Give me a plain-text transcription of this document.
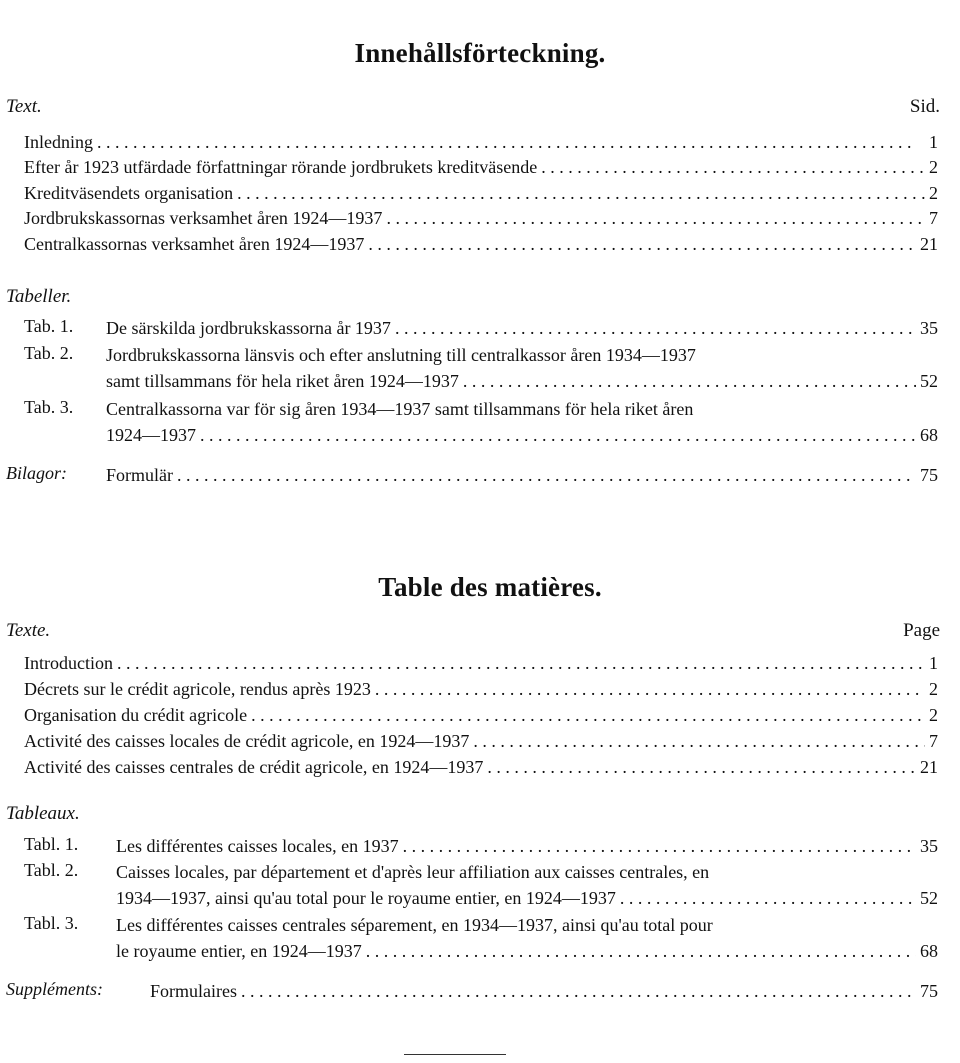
Innehållsförteckning.
Text.	Sid.
Inledning . . .	1
Efter år 1923 utfärdade författningar rörande jordbrukets kreditväsende . . .	2
Kreditväsendets organisation . . .	2
Jordbrukskassornas verksamhet åren 1924—1937 . . .	7
Centralkassornas verksamhet åren 1924—1937 . . .	21
Tabeller.
Tab. 1. De särskilda jordbrukskassorna år 1937 . . .	35
Tab. 2. Jordbrukskassorna länsvis och efter anslutning till centralkassor åren 1934—1937
samt tillsammans för hela riket åren 1924—1937 . . .	52
Tab. 3. Centralkassorna var för sig åren 1934—1937 samt tillsammans för hela riket åren
1924—1937 . . .	68
Bilagor: Formulär . . .	75
Table des matières.
Texte.	Page
Introduction . . .	1
Décrets sur le crédit agricole, rendus après 1923 . . .	2
Organisation du crédit agricole . . .	2
Activité des caisses locales de crédit agricole, en 1924—1937 . . .	7
Activité des caisses centrales de crédit agricole, en 1924—1937 . . .	21
Tableaux.
Tabl. 1. Les différentes caisses locales, en 1937 . . .	35
Tabl. 2. Caisses locales, par département et d'après leur affiliation aux caisses centrales, en
1934—1937, ainsi qu'au total pour le royaume entier, en 1924—1937 . . .	52
Tabl. 3. Les différentes caisses centrales séparement, en 1934—1937, ainsi qu'au total pour
le royaume entier, en 1924—1937 . . .	68
Suppléments:	Formulaires . . .	75
